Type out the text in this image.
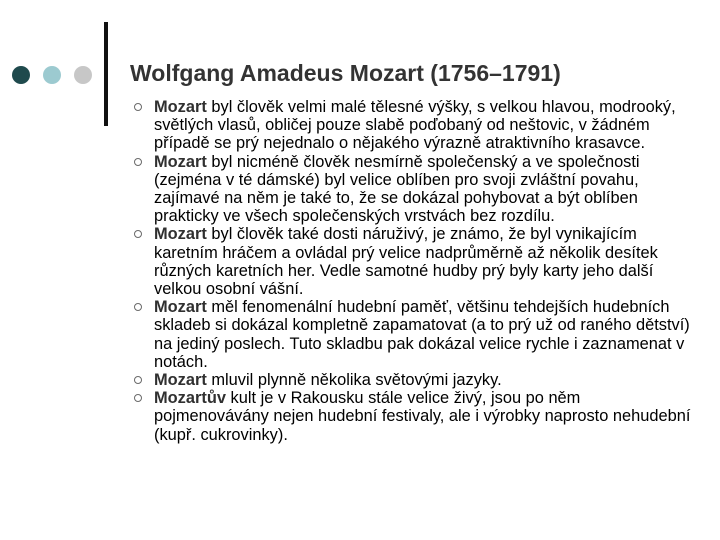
Wolfgang Amadeus Mozart (1756–1791)
Mozart byl člověk velmi malé tělesné výšky, s velkou hlavou, modrooký, světlých vlasů, obličej pouze slabě poďobaný od neštovic, v žádném případě se prý nejednalo o nějakého výrazně atraktivního krasavce.
Mozart byl nicméně člověk nesmírně společenský a ve společnosti (zejména v té dámské) byl velice oblíben pro svoji zvláštní povahu, zajímavé na něm je také to, že se dokázal pohybovat a být oblíben prakticky ve všech společenských vrstvách bez rozdílu.
Mozart byl člověk také dosti náruživý, je známo, že byl vynikajícím karetním hráčem a ovládal prý velice nadprůměrně až několik desítek různých karetních her. Vedle samotné hudby prý byly karty jeho další velkou osobní vášní.
Mozart měl fenomenální hudební paměť, většinu tehdejších hudebních skladeb si dokázal kompletně zapamatovat (a to prý už od raného dětství) na jediný poslech. Tuto skladbu pak dokázal velice rychle i zaznamenat v notách.
Mozart mluvil plynně několika světovými jazyky.
Mozartův kult je v Rakousku stále velice živý, jsou po něm pojmenovávány nejen hudební festivaly, ale i výrobky naprosto nehudební (kupř. cukrovinky).
